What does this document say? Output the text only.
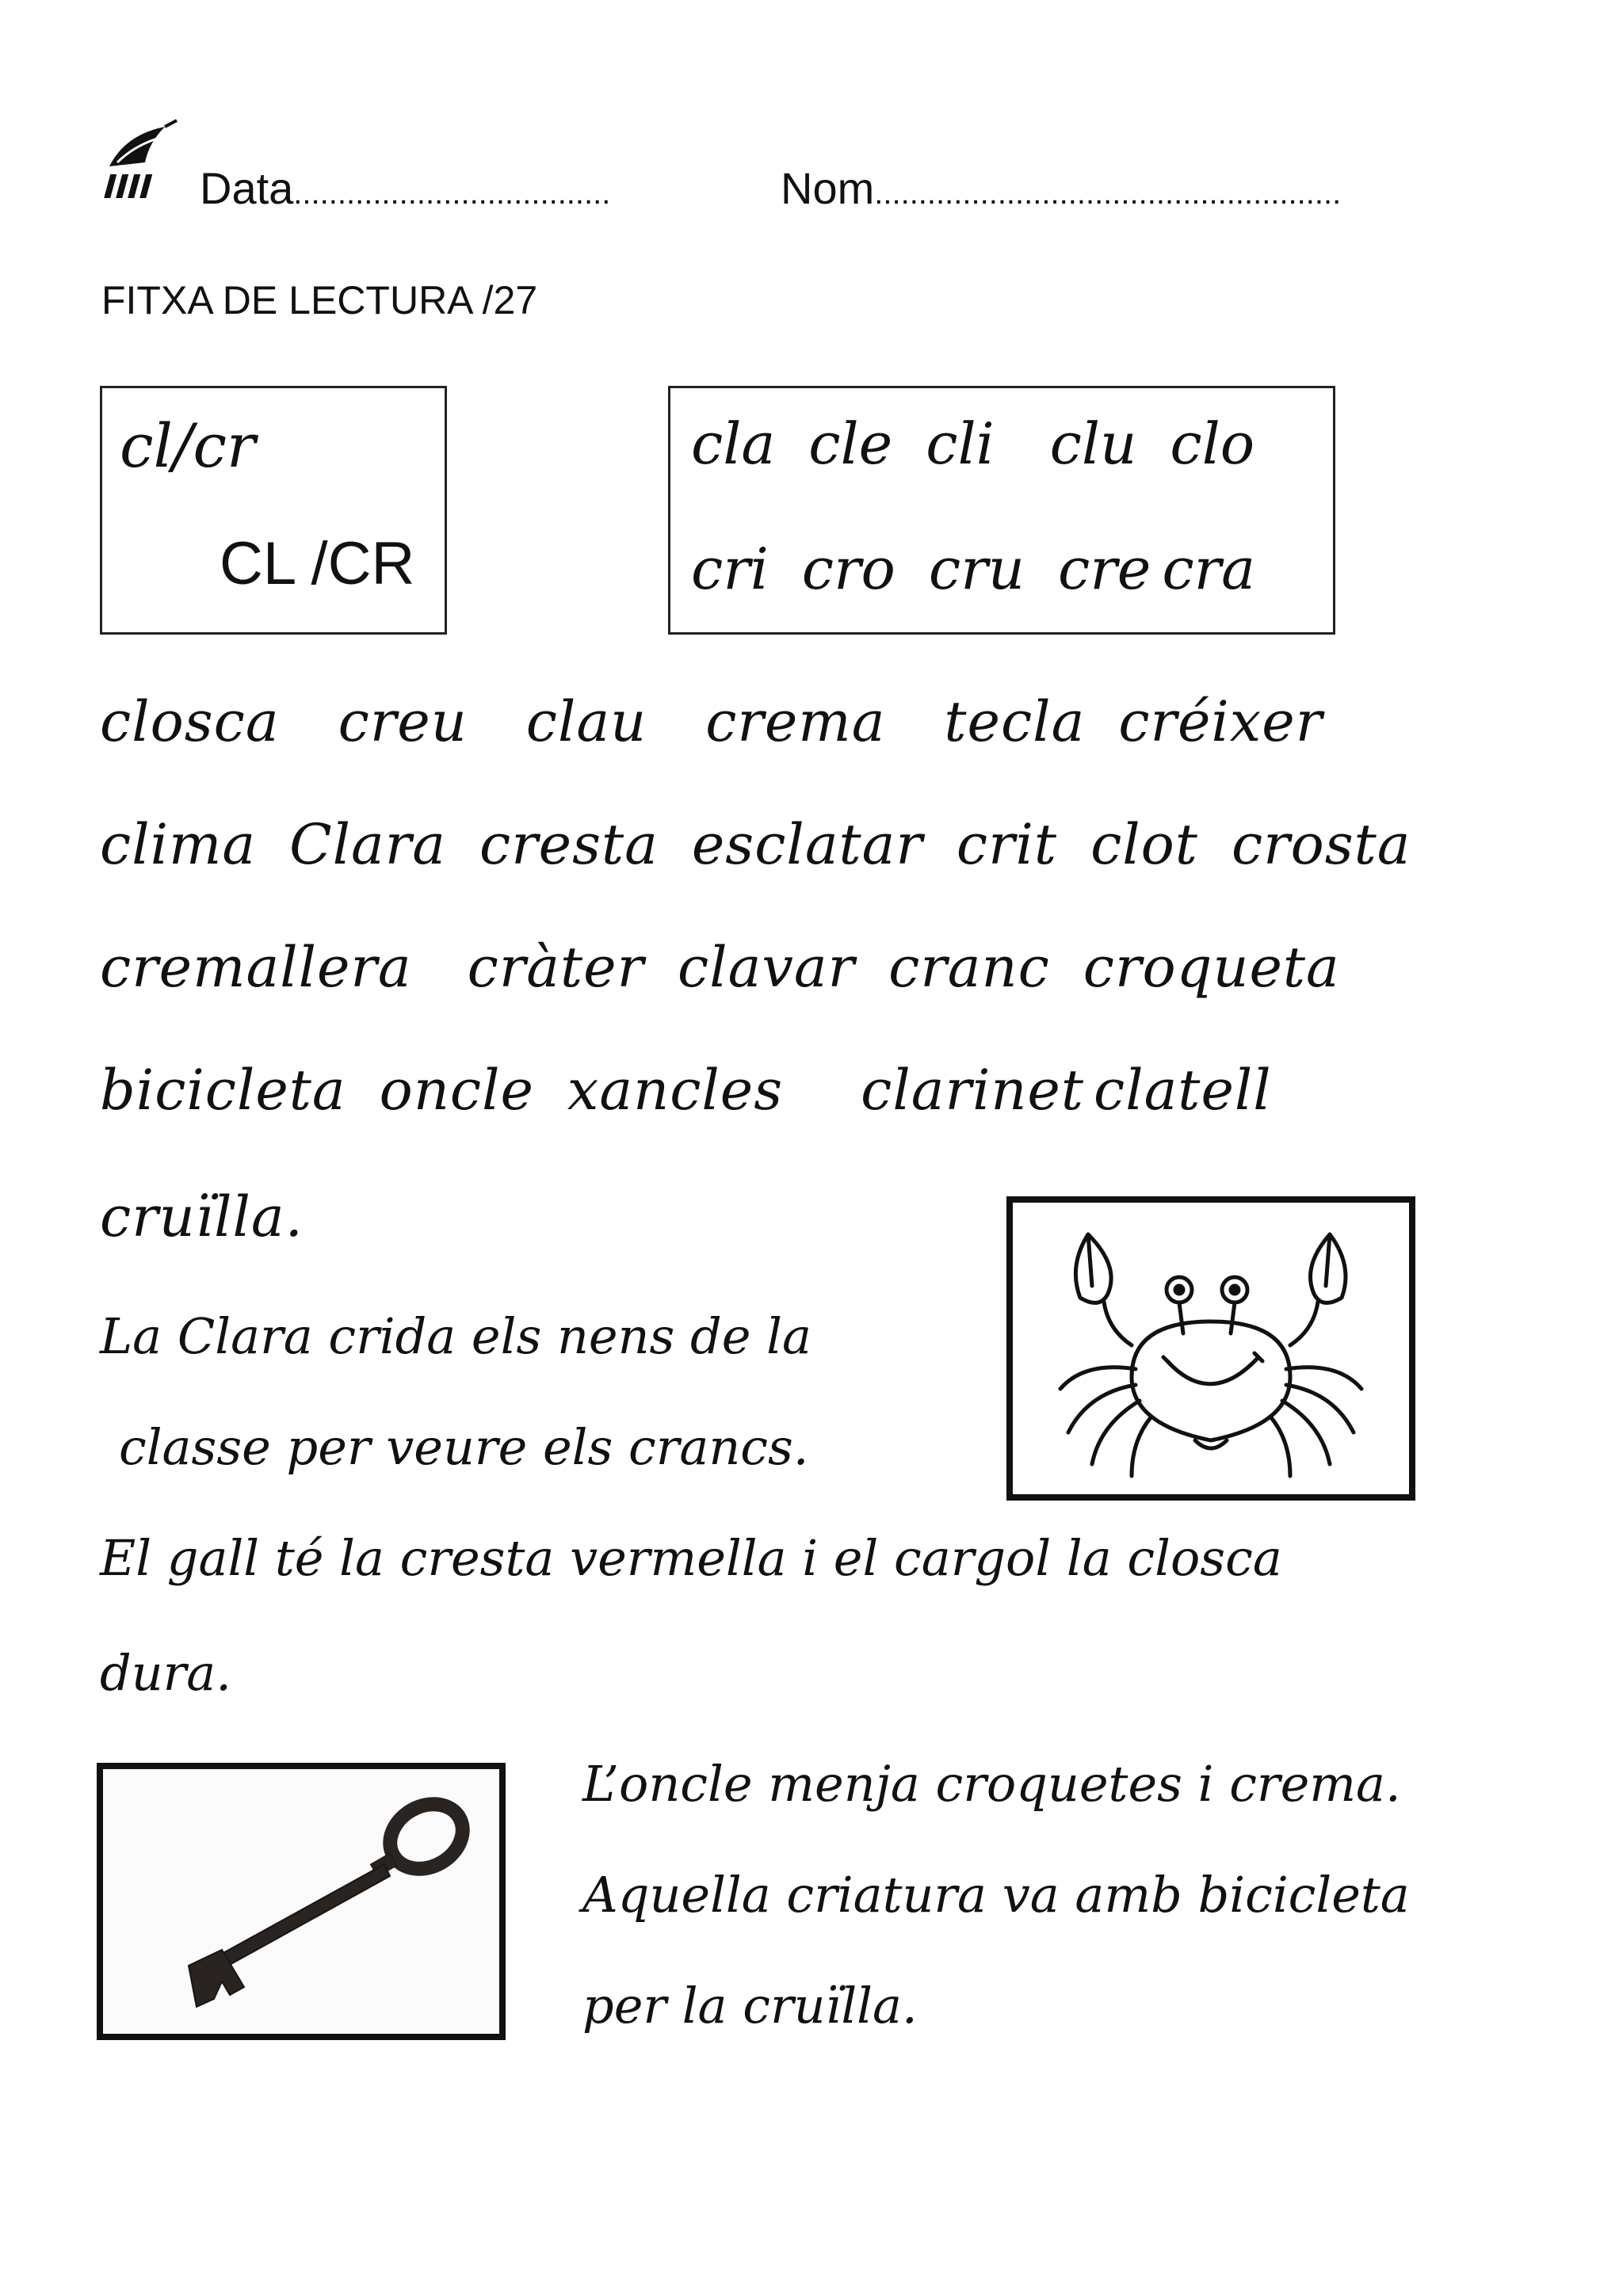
Data....................................	Nom.....................................................
FITXA DE LECTURA /27
cl/cr
CL /CR
cla cle cli clu clo
cri cro cru cre cra
closca creu clau crema tecla créixer
clima Clara cresta esclatar crit clot crosta
cremallera cràter clavar cranc croqueta
bicicleta oncle xancles clarinet clatell
cruïlla.
La Clara crida els nens de la
classe per veure els crancs.
El gall té la cresta vermella i el cargol la closca
dura.
L’oncle menja croquetes i crema.
Aquella criatura va amb bicicleta
per la cruïlla.
